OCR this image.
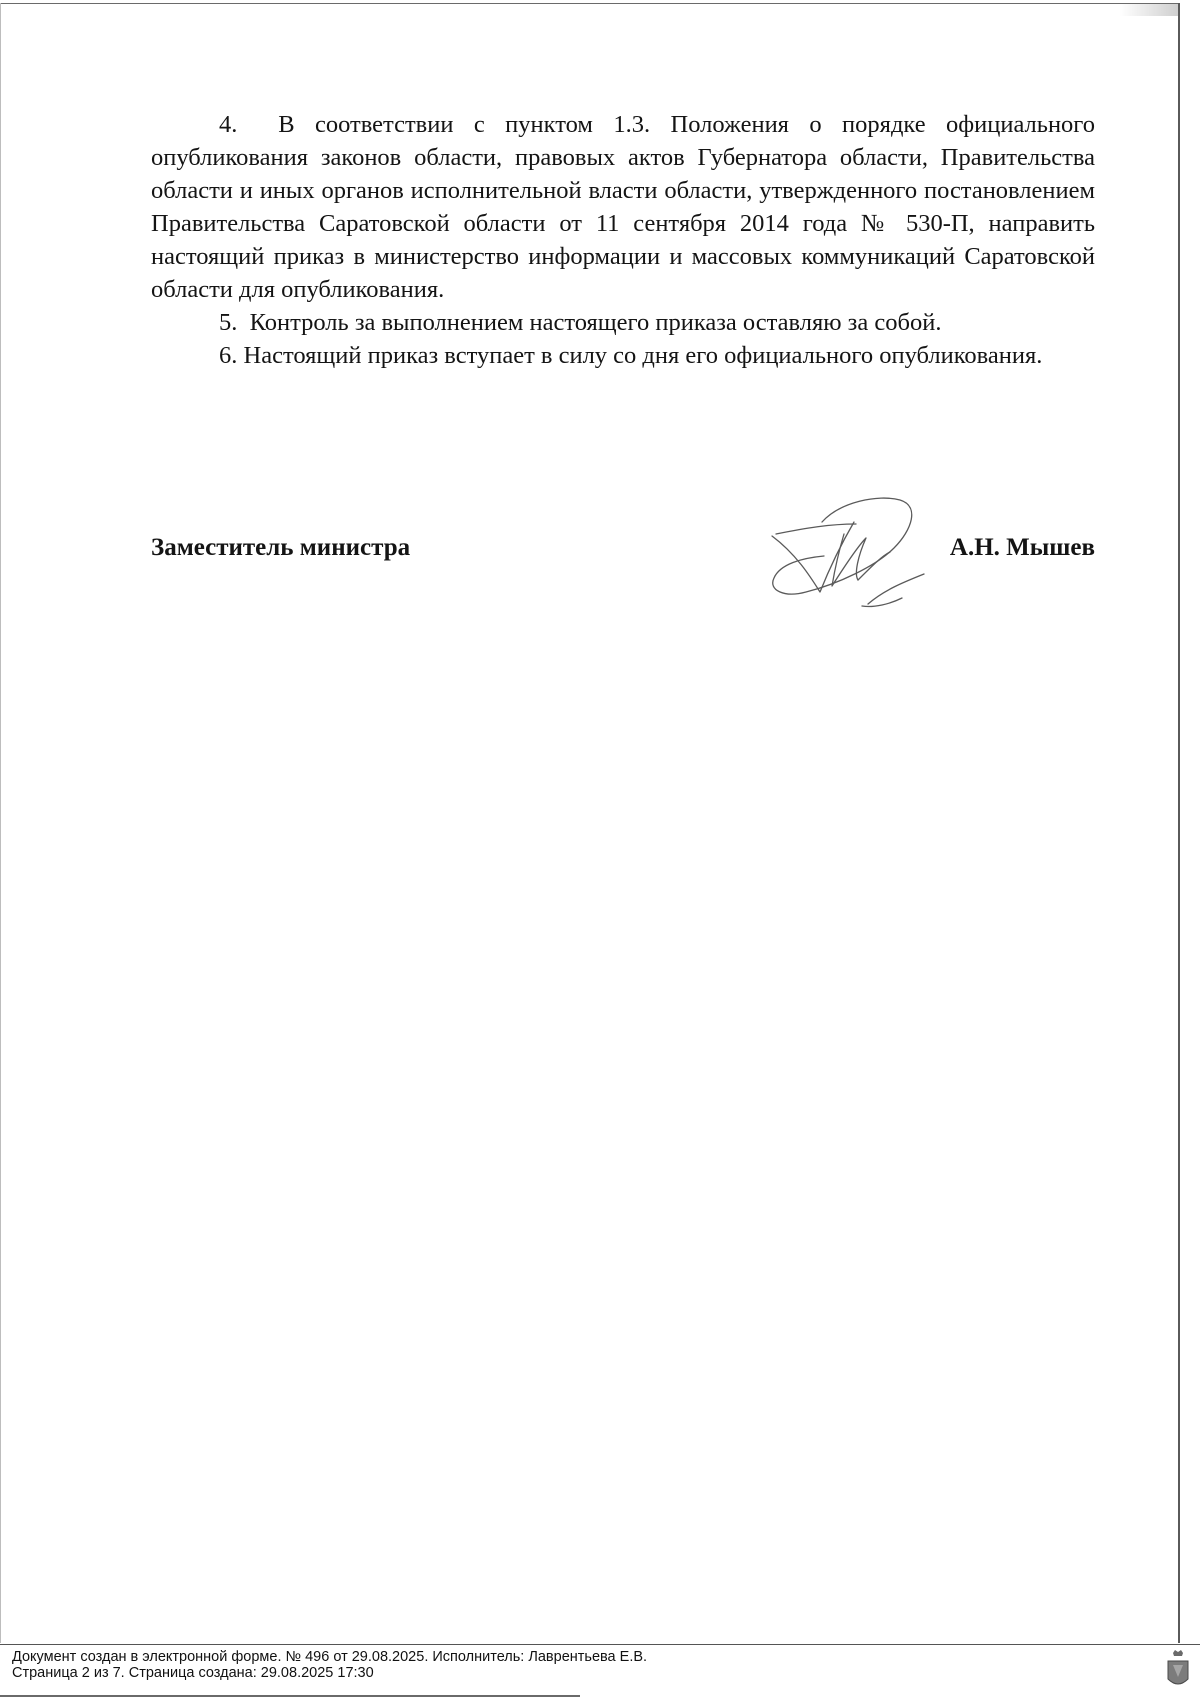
4.  В соответствии с пунктом 1.3. Положения о порядке официального опубликования законов области, правовых актов Губернатора области, Правительства области и иных органов исполнительной власти области, утвержденного постановлением Правительства Саратовской области от 11 сентября 2014 года № 530-П, направить настоящий приказ в министерство информации и массовых коммуникаций Саратовской области для опубликования.

5.  Контроль за выполнением настоящего приказа оставляю за собой.

6. Настоящий приказ вступает в силу со дня его официального опубликования.

Заместитель министра	А.Н. Мышев
Документ создан в электронной форме. № 496 от 29.08.2025. Исполнитель: Лаврентьева Е.В.
Страница 2 из 7. Страница создана: 29.08.2025 17:30
